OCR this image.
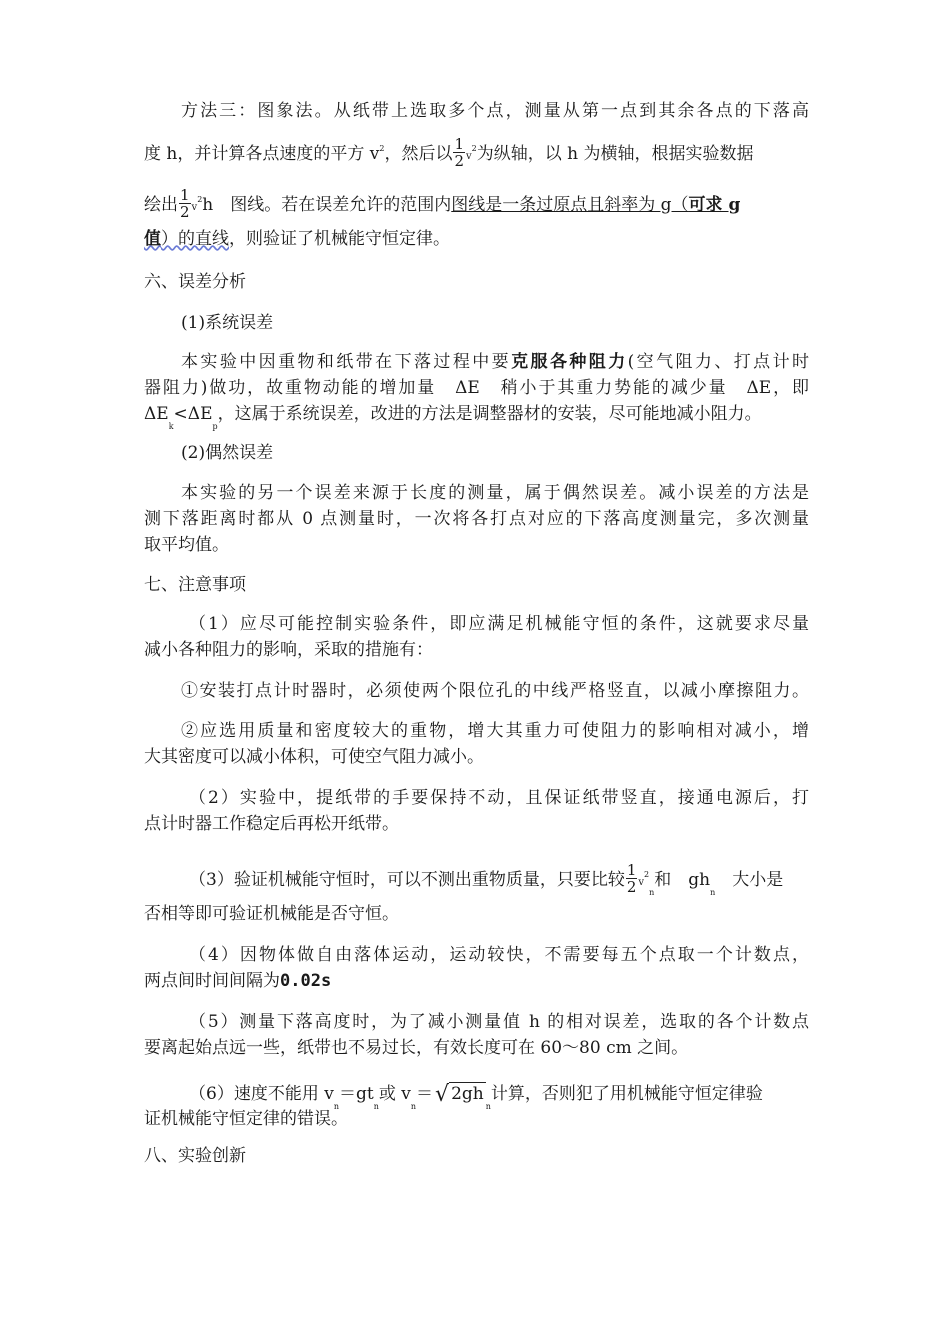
方法三：图象法。从纸带上选取多个点，测量从第一点到其余各点的下落高
度 h，并计算各点速度的平方 $v^2$，然后以 $\frac{1}{2} v^2$为纵轴，以 h 为横轴，根据实验数据
绘出 $\frac{1}{2} v^2h$　图线。若在误差允许的范围内图线是一条过原点且斜率为 g（可求 g
值）的直线，则验证了机械能守恒定律。
六、误差分析
(1)系统误差
本实验中因重物和纸带在下落过程中要克服各种阻力(空气阻力、打点计时
器阻力)做功，故重物动能的增加量　ΔE　稍小于其重力势能的减少量　ΔE，即
$\Delta E_k<\Delta E_p$，这属于系统误差，改进的方法是调整器材的安装，尽可能地减小阻力。
(2)偶然误差
本实验的另一个误差来源于长度的测量，属于偶然误差。减小误差的方法是
测下落距离时都从 0 点测量时，一次将各打点对应的下落高度测量完，多次测量
取平均值。
七、注意事项
（1）应尽可能控制实验条件，即应满足机械能守恒的条件，这就要求尽量
减小各种阻力的影响，采取的措施有：
①安装打点计时器时，必须使两个限位孔的中线严格竖直，以减小摩擦阻力。
②应选用质量和密度较大的重物，增大其重力可使阻力的影响相对减小，增
大其密度可以减小体积，可使空气阻力减小。
（2）实验中，提纸带的手要保持不动，且保证纸带竖直，接通电源后，打
点计时器工作稳定后再松开纸带。
（3）验证机械能守恒时，可以不测出重物质量，只要比较 $\frac{1}{2} v^2_n$和　$gh_n$　大小是
否相等即可验证机械能是否守恒。
（4）因物体做自由落体运动，运动较快，不需要每五个点取一个计数点，
两点间时间间隔为0.02s
（5）测量下落高度时，为了减小测量值 h 的相对误差，选取的各个计数点
要离起始点远一些，纸带也不易过长，有效长度可在 60～80 cm 之间。
（6）速度不能用 $v_n=gt_n$或 $v_n=√$ $2gh_n$计算，否则犯了用机械能守恒定律验
证机械能守恒定律的错误。
八、实验创新
